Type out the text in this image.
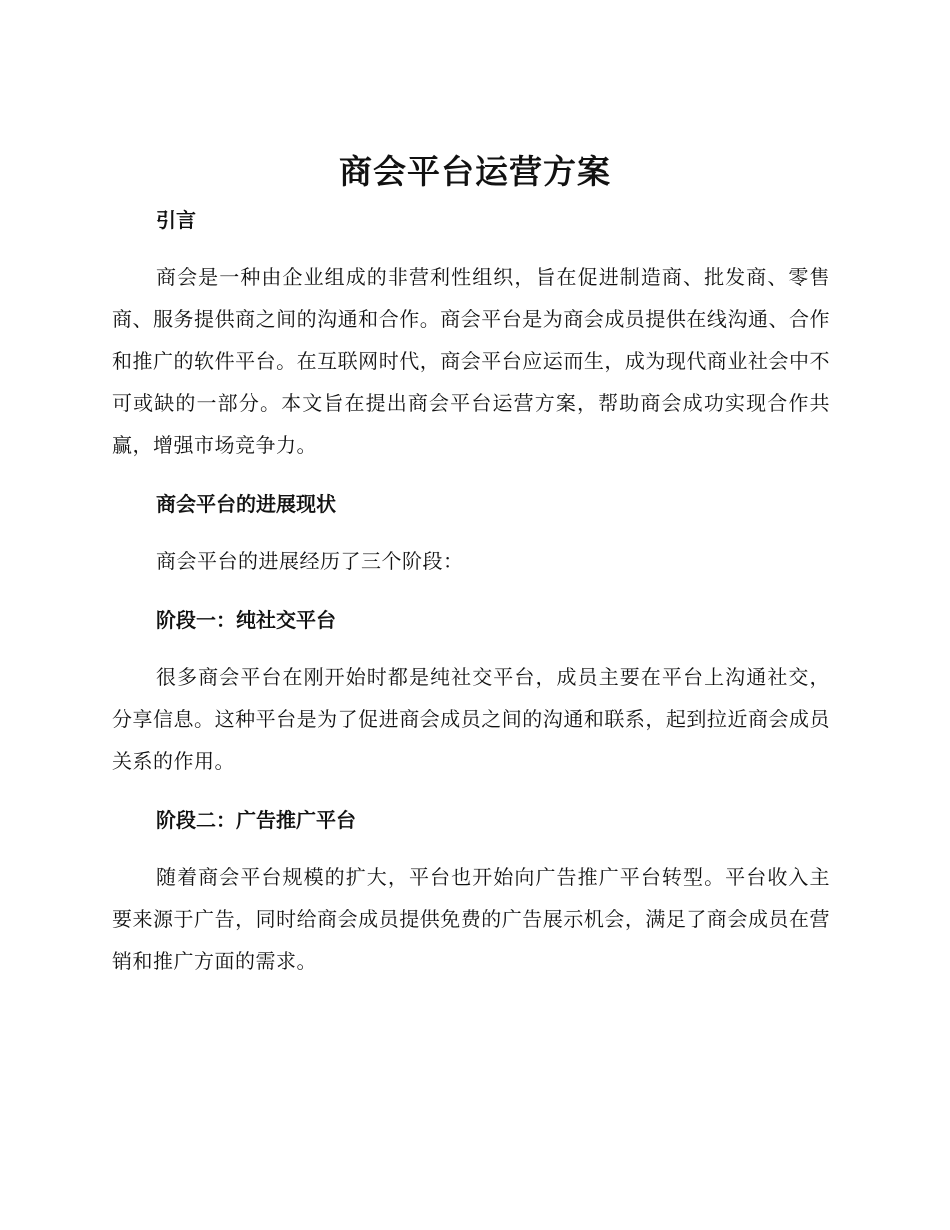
商会平台运营方案

引言

商会是一种由企业组成的非营利性组织，旨在促进制造商、批发商、零售商、服务提供商之间的沟通和合作。商会平台是为商会成员提供在线沟通、合作和推广的软件平台。在互联网时代，商会平台应运而生，成为现代商业社会中不可或缺的一部分。本文旨在提出商会平台运营方案，帮助商会成功实现合作共赢，增强市场竞争力。

商会平台的进展现状

商会平台的进展经历了三个阶段：

阶段一：纯社交平台

很多商会平台在刚开始时都是纯社交平台，成员主要在平台上沟通社交，分享信息。这种平台是为了促进商会成员之间的沟通和联系，起到拉近商会成员关系的作用。

阶段二：广告推广平台

随着商会平台规模的扩大，平台也开始向广告推广平台转型。平台收入主要来源于广告，同时给商会成员提供免费的广告展示机会，满足了商会成员在营销和推广方面的需求。
